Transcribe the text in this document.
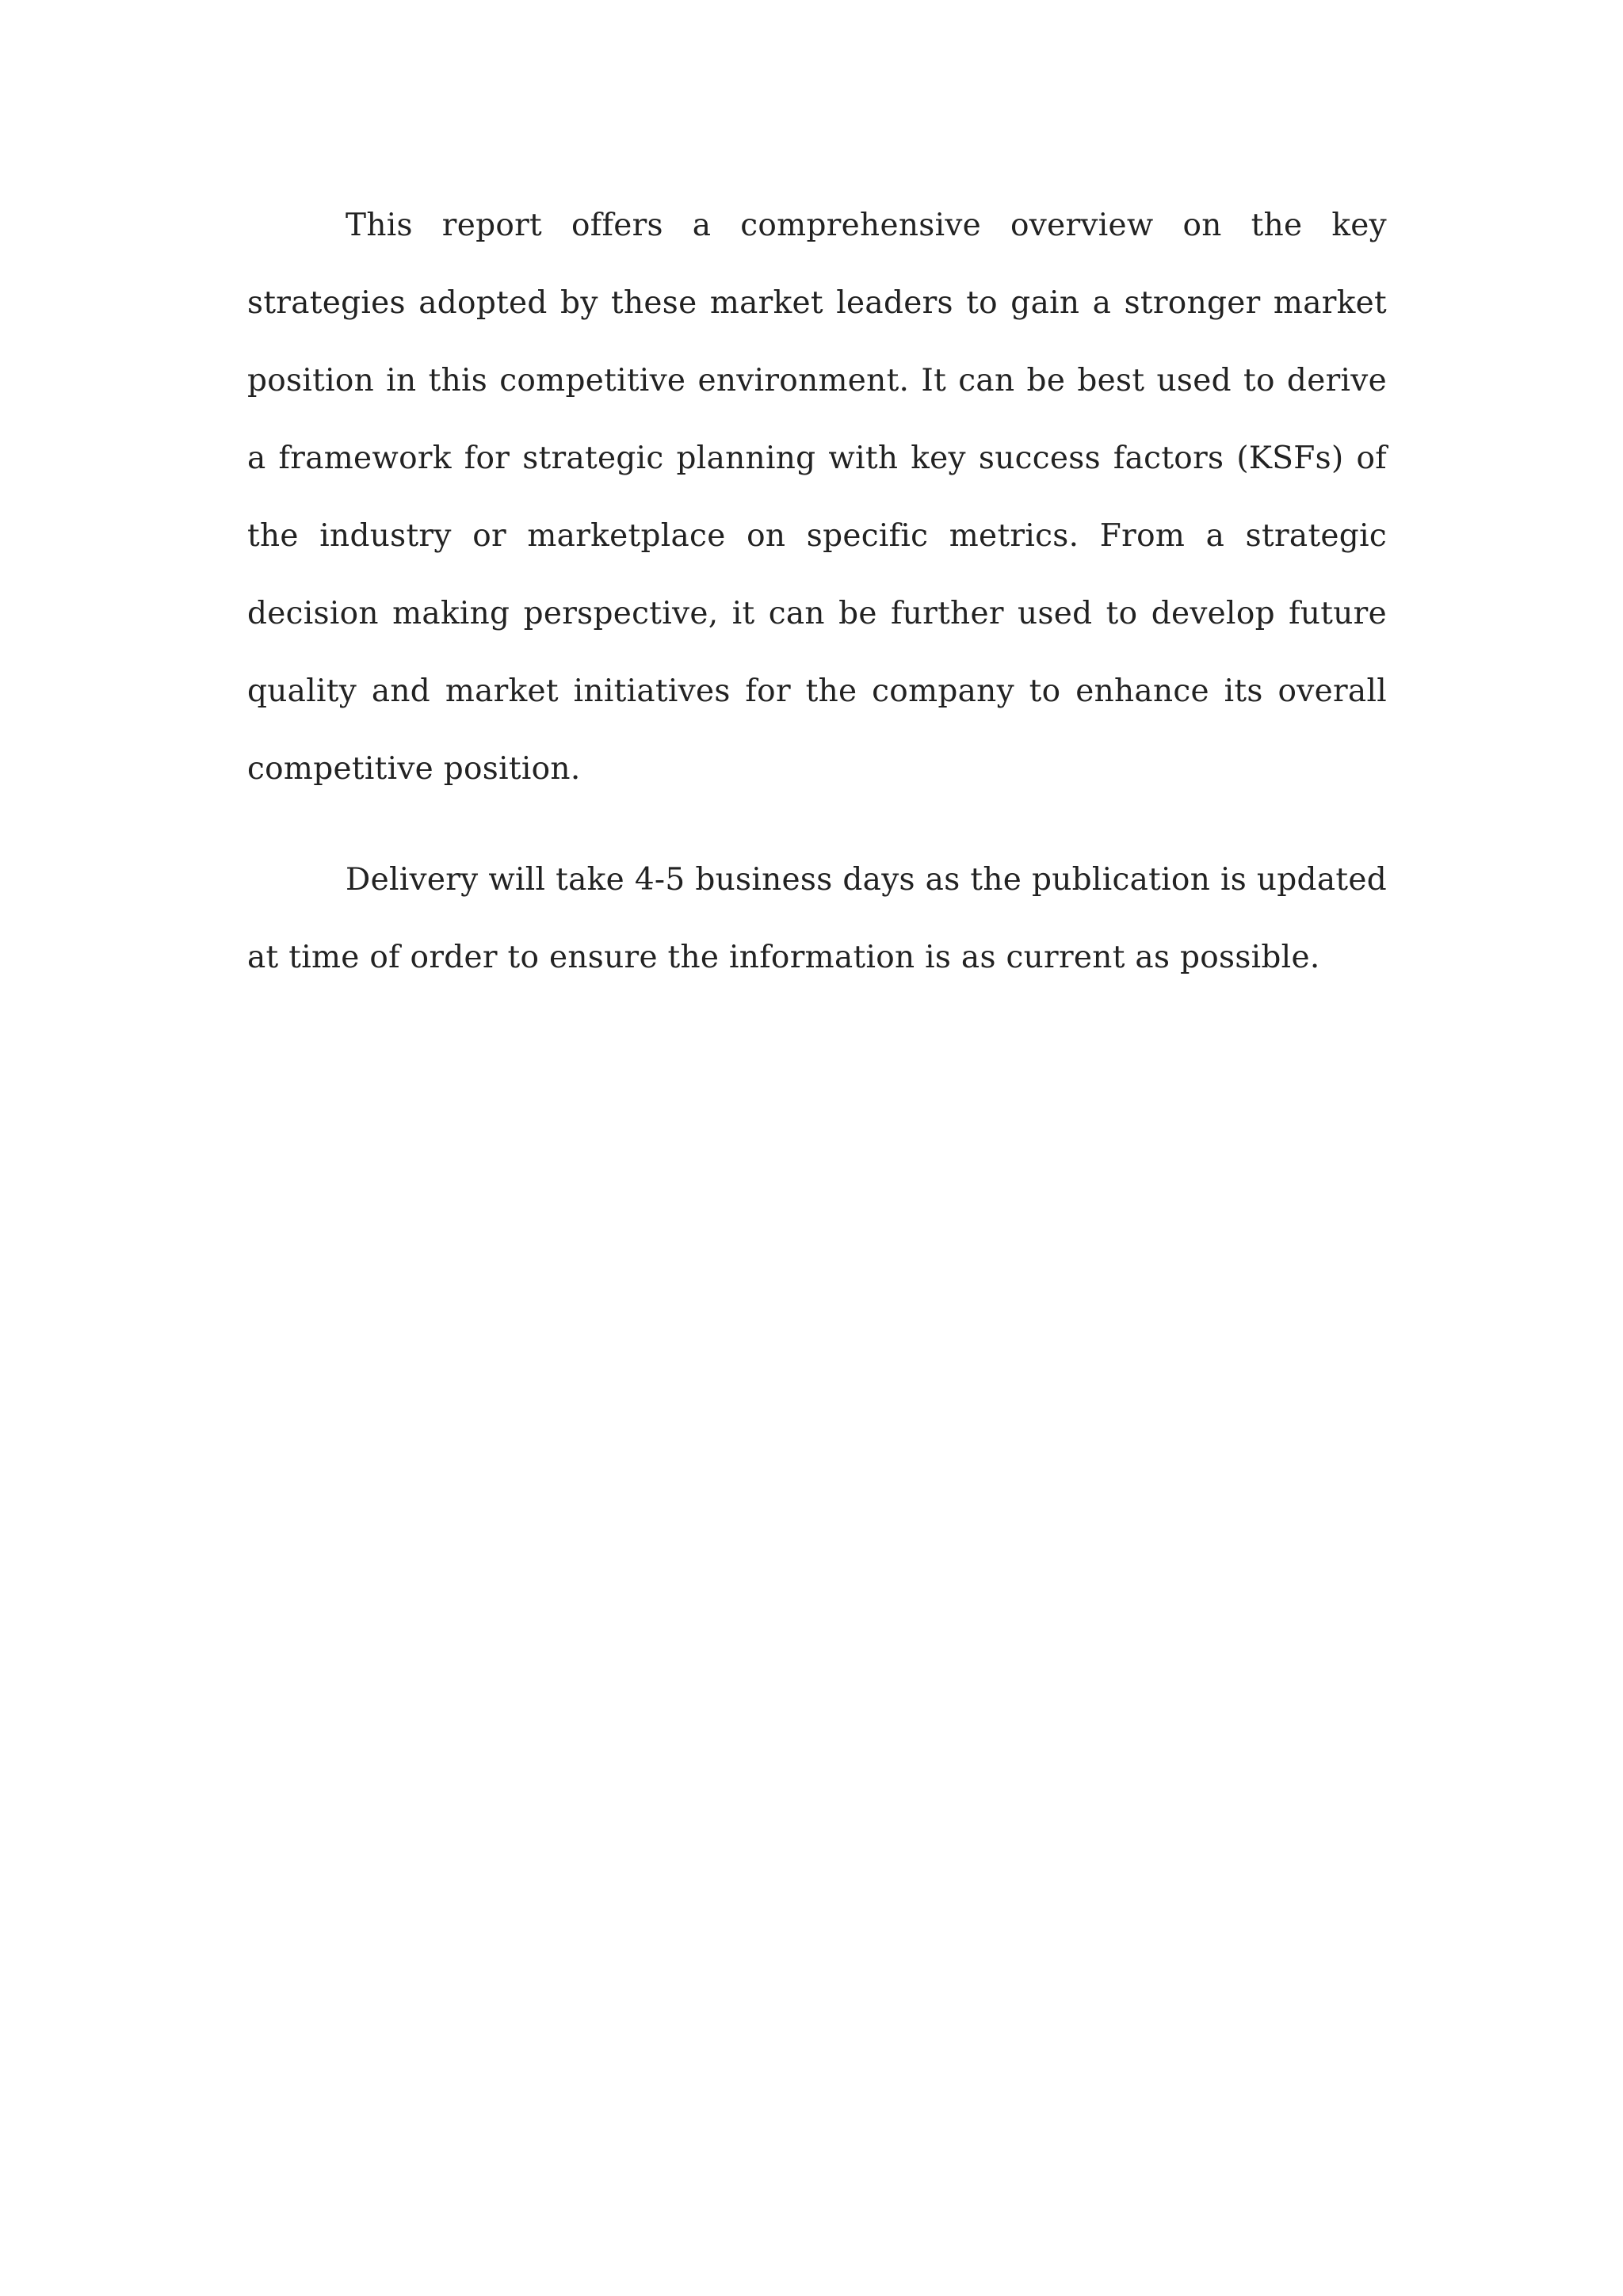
This report offers a comprehensive overview on the key strategies adopted by these market leaders to gain a stronger market position in this competitive environment. It can be best used to derive a framework for strategic planning with key success factors (KSFs) of the industry or marketplace on specific metrics. From a strategic decision making perspective, it can be further used to develop future quality and market initiatives for the company to enhance its overall competitive position.

Delivery will take 4-5 business days as the publication is updated at time of order to ensure the information is as current as possible.
